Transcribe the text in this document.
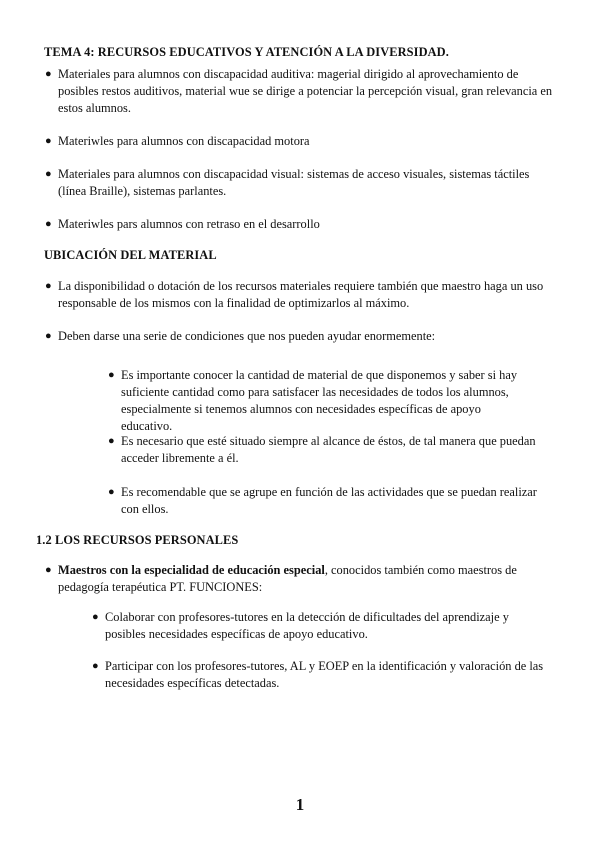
TEMA 4: RECURSOS EDUCATIVOS Y ATENCIÓN A LA DIVERSIDAD.
● Materiales para alumnos con discapacidad auditiva: magerial dirigido al aprovechamiento de posibles restos auditivos, material wue se dirige a potenciar la percepción visual, gran relevancia en estos alumnos.
● Materiwles para alumnos con discapacidad motora
● Materiales para alumnos con discapacidad visual: sistemas de acceso visuales, sistemas táctiles (línea Braille), sistemas parlantes.
● Materiwles pars alumnos con retraso en el desarrollo
UBICACIÓN DEL MATERIAL
● La disponibilidad o dotación de los recursos materiales requiere también que maestro haga un uso responsable de los mismos con la finalidad de optimizarlos al máximo.
● Deben darse una serie de condiciones que nos pueden ayudar enormemente:
● Es importante conocer la cantidad de material de que disponemos y saber si hay suficiente cantidad como para satisfacer las necesidades de todos los alumnos, especialmente si tenemos alumnos con necesidades específicas de apoyo educativo.
● Es necesario que esté situado siempre al alcance de éstos, de tal manera que puedan acceder libremente a él.
● Es recomendable que se agrupe en función de las actividades que se puedan realizar con ellos.
1.2 LOS RECURSOS PERSONALES
● Maestros con la especialidad de educación especial, conocidos también como maestros de pedagogía terapéutica PT. FUNCIONES:
● Colaborar con profesores-tutores en la detección de dificultades del aprendizaje y posibles necesidades específicas de apoyo educativo.
● Participar con los profesores-tutores, AL y EOEP en la identificación y valoración de las necesidades específicas detectadas.
1
